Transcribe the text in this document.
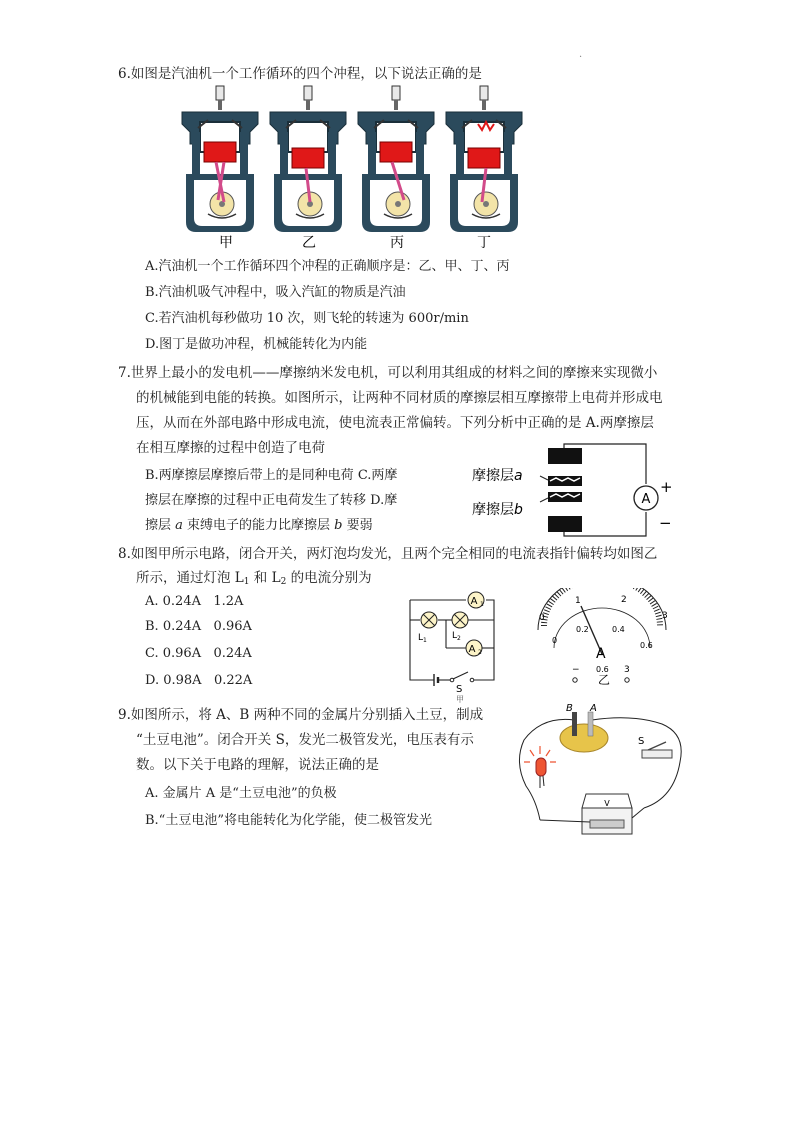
·
6.如图是汽油机一个工作循环的四个冲程，以下说法正确的是
甲	乙	丙	丁
A.汽油机一个工作循环四个冲程的正确顺序是：乙、甲、丁、丙
B.汽油机吸气冲程中，吸入汽缸的物质是汽油
C.若汽油机每秒做功 10 次，则飞轮的转速为 600r/min
D.图丁是做功冲程，机械能转化为内能
7.世界上最小的发电机——摩擦纳米发电机，可以利用其组成的材料之间的摩擦来实现微小
的机械能到电能的转换。如图所示，让两种不同材质的摩擦层相互摩擦带上电荷并形成电
压，从而在外部电路中形成电流，使电流表正常偏转。下列分析中正确的是 A.两摩擦层
在相互摩擦的过程中创造了电荷
B.两摩擦层摩擦后带上的是同种电荷 C.两摩
擦层在摩擦的过程中正电荷发生了转移 D.摩
擦层 a 束缚电子的能力比摩擦层 b 要弱
A
+
−
摩擦层a
摩擦层b
8.如图甲所示电路，闭合开关，两灯泡均发光，且两个完全相同的电流表指针偏转均如图乙
所示，通过灯泡 $L_1$ 和 $L_2$ 的电流分别为
A. 0.24A   1.2A
B. 0.24A   0.96A
C. 0.96A   0.24A
D. 0.98A   0.22A
A 1
$L_1$	$L_2$
A 2
S
甲
0
1	2
3
0
0.2	0.4
0.6
A
− 0.6 3
乙
9.如图所示，将 A、B 两种不同的金属片分别插入土豆，制成
“土豆电池”。闭合开关 S，发光二极管发光，电压表有示
数。以下关于电路的理解，说法正确的是
A. 金属片 A 是“土豆电池”的负极
B.“土豆电池”将电能转化为化学能，使二极管发光
B A
S
V
